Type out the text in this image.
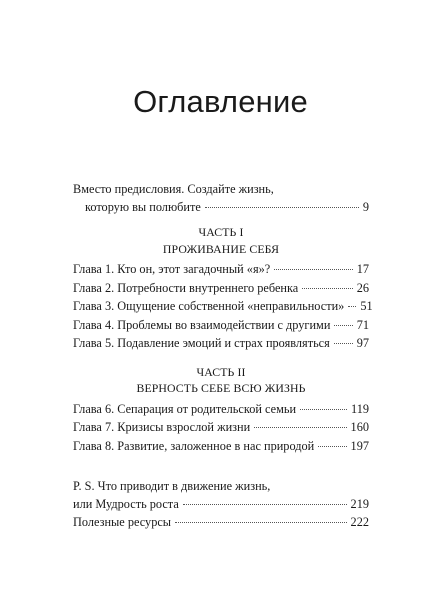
Оглавление
Вместо предисловия. Создайте жизнь,
которую вы полюбите	9
ЧАСТЬ I
ПРОЖИВАНИЕ СЕБЯ
Глава 1. Кто он, этот загадочный «я»?	17
Глава 2. Потребности внутреннего ребенка	26
Глава 3. Ощущение собственной «неправильности» 51
Глава 4. Проблемы во взаимодействии с другими 71
Глава 5. Подавление эмоций и страх проявляться 97
ЧАСТЬ II
ВЕРНОСТЬ СЕБЕ ВСЮ ЖИЗНЬ
Глава 6. Сепарация от родительской семьи	119
Глава 7. Кризисы взрослой жизни	160
Глава 8. Развитие, заложенное в нас природой	197
P. S. Что приводит в движение жизнь,
или Мудрость роста	219
Полезные ресурсы	222
